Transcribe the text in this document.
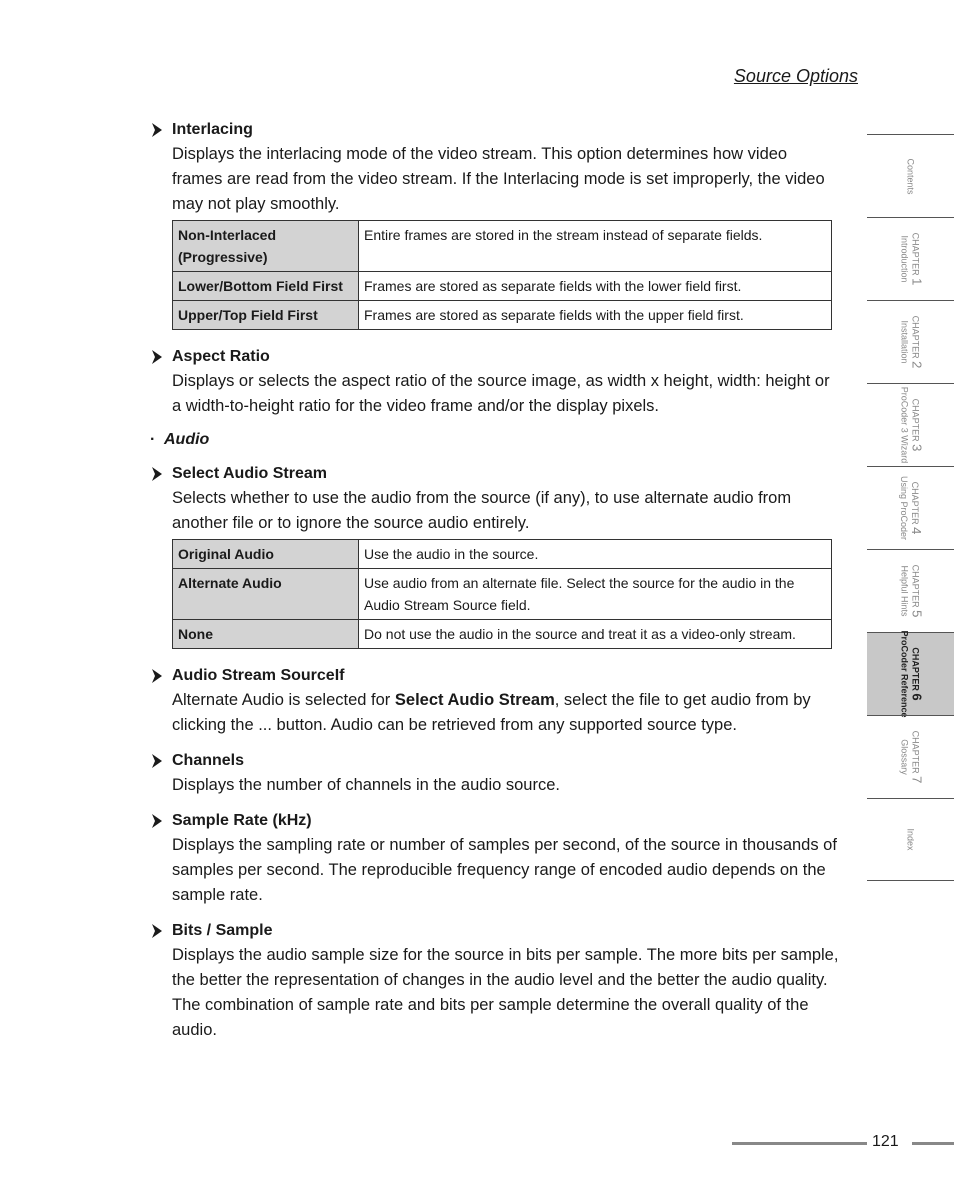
Source Options
Interlacing
Displays the interlacing mode of the video stream. This option determines how video frames are read from the video stream. If the Interlacing mode is set improperly, the video may not play smoothly.
Non-Interlaced (Progressive)	Entire frames are stored in the stream instead of separate fields.
Lower/Bottom Field First	Frames are stored as separate fields with the lower field first.
Upper/Top Field First	Frames are stored as separate fields with the upper field first.
Aspect Ratio
Displays or selects the aspect ratio of the source image, as width x height, width: height or a width-to-height ratio for the video frame and/or the display pixels.
· Audio
Select Audio Stream
Selects whether to use the audio from the source (if any), to use alternate audio from another file or to ignore the source audio entirely.
Original Audio	Use the audio in the source.
Alternate Audio	Use audio from an alternate file. Select the source for the audio in the Audio Stream Source field.
None	Do not use the audio in the source and treat it as a video-only stream.
Audio Stream SourceIf
Alternate Audio is selected for Select Audio Stream, select the file to get audio from by clicking the ... button. Audio can be retrieved from any supported source type.
Channels
Displays the number of channels in the audio source.
Sample Rate (kHz)
Displays the sampling rate or number of samples per second, of the source in thousands of samples per second. The reproducible frequency range of encoded audio depends on the sample rate.
Bits / Sample
Displays the audio sample size for the source in bits per sample. The more bits per sample, the better the representation of changes in the audio level and the better the audio quality. The combination of sample rate and bits per sample determine the overall quality of the audio.
Contents
CHAPTER 1
Introduction
CHAPTER 2
Installation
CHAPTER 3
ProCoder 3 Wizard
CHAPTER 4
Using ProCoder
CHAPTER 5
Helpful Hints
CHAPTER 6
ProCoder Reference
CHAPTER 7
Glossary
Index
121
